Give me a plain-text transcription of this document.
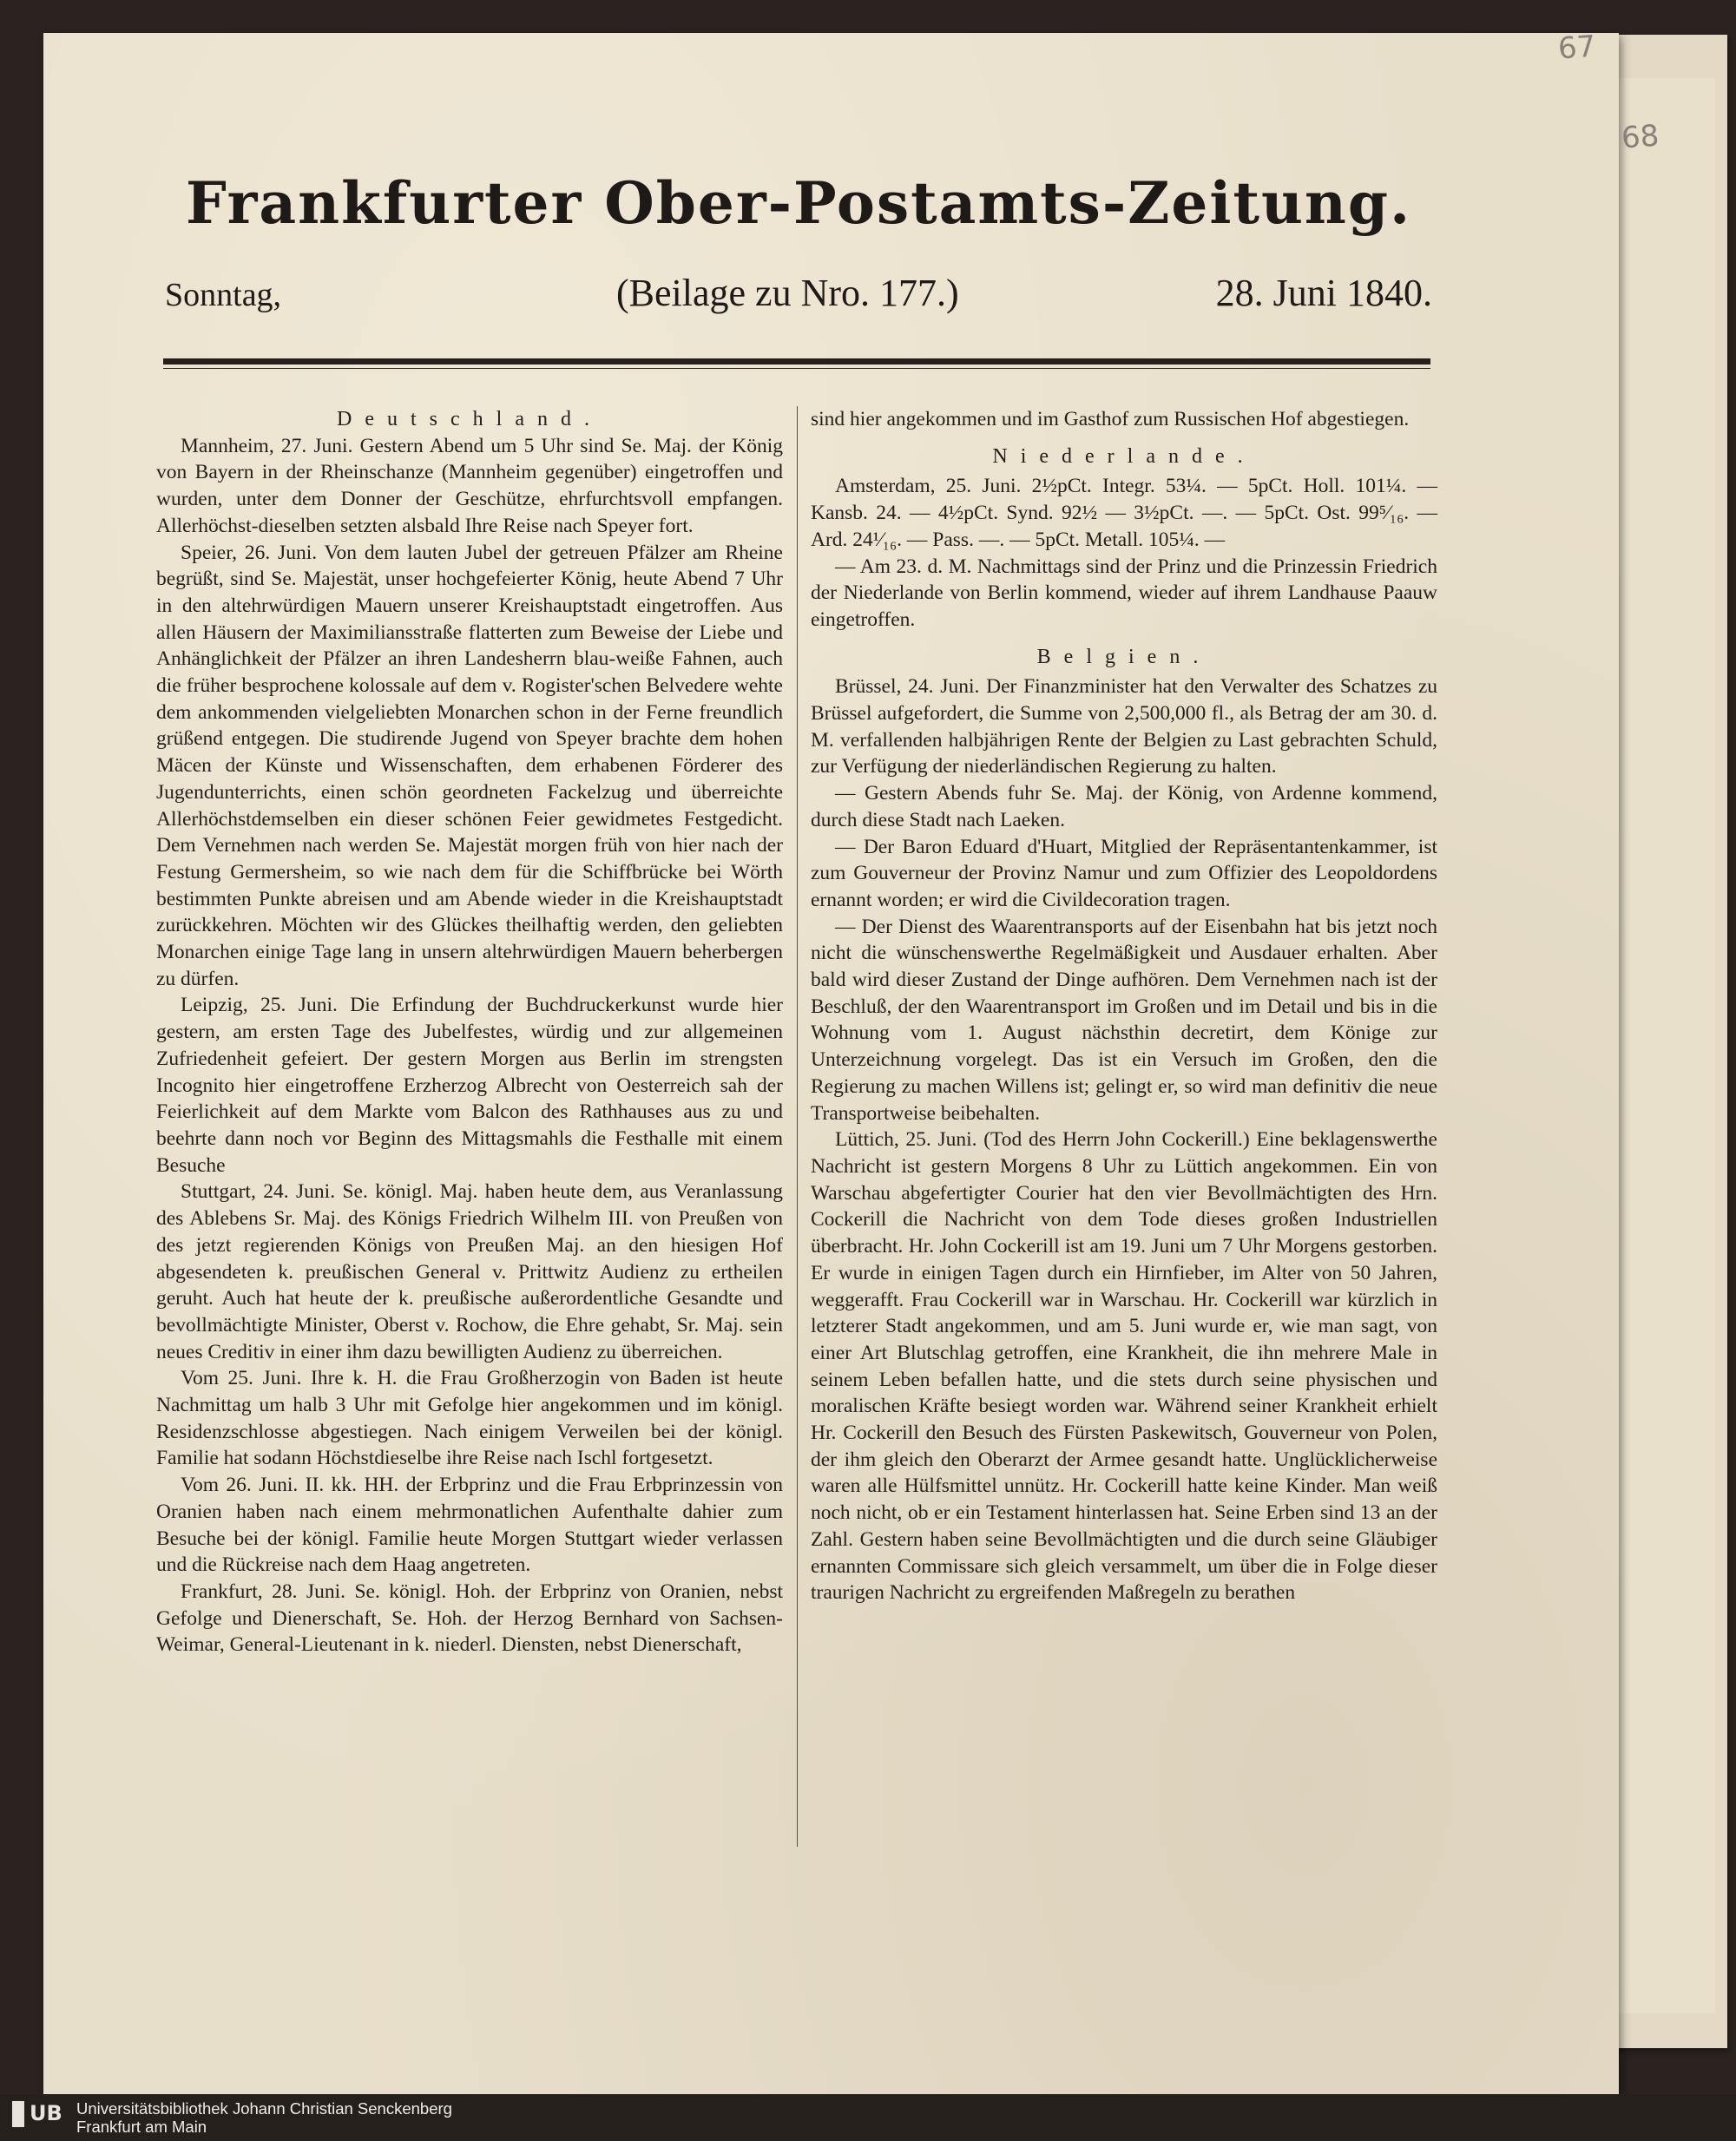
67
68
Frankfurter Ober-Postamts-Zeitung.
Sonntag,	(Beilage zu Nro. 177.)	28. Juni 1840.

Deutschland.

Mannheim, 27. Juni. Gestern Abend um 5 Uhr sind Se. Maj. der König von Bayern in der Rheinschanze (Mannheim gegenüber) eingetroffen und wurden, unter dem Donner der Geschütze, ehrfurchtsvoll empfangen. Allerhöchst-dieselben setzten alsbald Ihre Reise nach Speyer fort.

Speier, 26. Juni. Von dem lauten Jubel der getreuen Pfälzer am Rheine begrüßt, sind Se. Majestät, unser hochgefeierter König, heute Abend 7 Uhr in den altehrwürdigen Mauern unserer Kreishauptstadt eingetroffen. Aus allen Häusern der Maximiliansstraße flatterten zum Beweise der Liebe und Anhänglichkeit der Pfälzer an ihren Landesherrn blau-weiße Fahnen, auch die früher besprochene kolossale auf dem v. Rogister'schen Belvedere wehte dem ankommenden vielgeliebten Monarchen schon in der Ferne freundlich grüßend entgegen. Die studirende Jugend von Speyer brachte dem hohen Mäcen der Künste und Wissenschaften, dem erhabenen Förderer des Jugendunterrichts, einen schön geordneten Fackelzug und überreichte Allerhöchstdemselben ein dieser schönen Feier gewidmetes Festgedicht. Dem Vernehmen nach werden Se. Majestät morgen früh von hier nach der Festung Germersheim, so wie nach dem für die Schiffbrücke bei Wörth bestimmten Punkte abreisen und am Abende wieder in die Kreishauptstadt zurückkehren. Möchten wir des Glückes theilhaftig werden, den geliebten Monarchen einige Tage lang in unsern altehrwürdigen Mauern beherbergen zu dürfen.

Leipzig, 25. Juni. Die Erfindung der Buchdruckerkunst wurde hier gestern, am ersten Tage des Jubelfestes, würdig und zur allgemeinen Zufriedenheit gefeiert. Der gestern Morgen aus Berlin im strengsten Incognito hier eingetroffene Erzherzog Albrecht von Oesterreich sah der Feierlichkeit auf dem Markte vom Balcon des Rathhauses aus zu und beehrte dann noch vor Beginn des Mittagsmahls die Festhalle mit einem Besuche

Stuttgart, 24. Juni. Se. königl. Maj. haben heute dem, aus Veranlassung des Ablebens Sr. Maj. des Königs Friedrich Wilhelm III. von Preußen von des jetzt regierenden Königs von Preußen Maj. an den hiesigen Hof abgesendeten k. preußischen General v. Prittwitz Audienz zu ertheilen geruht. Auch hat heute der k. preußische außerordentliche Gesandte und bevollmächtigte Minister, Oberst v. Rochow, die Ehre gehabt, Sr. Maj. sein neues Creditiv in einer ihm dazu bewilligten Audienz zu überreichen.

Vom 25. Juni. Ihre k. H. die Frau Großherzogin von Baden ist heute Nachmittag um halb 3 Uhr mit Gefolge hier angekommen und im königl. Residenzschlosse abgestiegen. Nach einigem Verweilen bei der königl. Familie hat sodann Höchstdieselbe ihre Reise nach Ischl fortgesetzt.

Vom 26. Juni. II. kk. HH. der Erbprinz und die Frau Erbprinzessin von Oranien haben nach einem mehrmonatlichen Aufenthalte dahier zum Besuche bei der königl. Familie heute Morgen Stuttgart wieder verlassen und die Rückreise nach dem Haag angetreten.

Frankfurt, 28. Juni. Se. königl. Hoh. der Erbprinz von Oranien, nebst Gefolge und Dienerschaft, Se. Hoh. der Herzog Bernhard von Sachsen-Weimar, General-Lieutenant in k. niederl. Diensten, nebst Dienerschaft,

sind hier angekommen und im Gasthof zum Russischen Hof abgestiegen.

Niederlande.

Amsterdam, 25. Juni. 2½pCt. Integr. 53¼. — 5pCt. Holl. 101¼. — Kansb. 24. — 4½pCt. Synd. 92½ — 3½pCt. —. — 5pCt. Ost. 99⁵⁄₁₆. — Ard. 24¹⁄₁₆. — Pass. —. — 5pCt. Metall. 105¼. —

— Am 23. d. M. Nachmittags sind der Prinz und die Prinzessin Friedrich der Niederlande von Berlin kommend, wieder auf ihrem Landhause Paauw eingetroffen.

Belgien.

Brüssel, 24. Juni. Der Finanzminister hat den Verwalter des Schatzes zu Brüssel aufgefordert, die Summe von 2,500,000 fl., als Betrag der am 30. d. M. verfallenden halbjährigen Rente der Belgien zu Last gebrachten Schuld, zur Verfügung der niederländischen Regierung zu halten.

— Gestern Abends fuhr Se. Maj. der König, von Ardenne kommend, durch diese Stadt nach Laeken.

— Der Baron Eduard d'Huart, Mitglied der Repräsentantenkammer, ist zum Gouverneur der Provinz Namur und zum Offizier des Leopoldordens ernannt worden; er wird die Civildecoration tragen.

— Der Dienst des Waarentransports auf der Eisenbahn hat bis jetzt noch nicht die wünschenswerthe Regelmäßigkeit und Ausdauer erhalten. Aber bald wird dieser Zustand der Dinge aufhören. Dem Vernehmen nach ist der Beschluß, der den Waarentransport im Großen und im Detail und bis in die Wohnung vom 1. August nächsthin decretirt, dem Könige zur Unterzeichnung vorgelegt. Das ist ein Versuch im Großen, den die Regierung zu machen Willens ist; gelingt er, so wird man definitiv die neue Transportweise beibehalten.

Lüttich, 25. Juni. (Tod des Herrn John Cockerill.) Eine beklagenswerthe Nachricht ist gestern Morgens 8 Uhr zu Lüttich angekommen. Ein von Warschau abgefertigter Courier hat den vier Bevollmächtigten des Hrn. Cockerill die Nachricht von dem Tode dieses großen Industriellen überbracht. Hr. John Cockerill ist am 19. Juni um 7 Uhr Morgens gestorben. Er wurde in einigen Tagen durch ein Hirnfieber, im Alter von 50 Jahren, weggerafft. Frau Cockerill war in Warschau. Hr. Cockerill war kürzlich in letzterer Stadt angekommen, und am 5. Juni wurde er, wie man sagt, von einer Art Blutschlag getroffen, eine Krankheit, die ihn mehrere Male in seinem Leben befallen hatte, und die stets durch seine physischen und moralischen Kräfte besiegt worden war. Während seiner Krankheit erhielt Hr. Cockerill den Besuch des Fürsten Paskewitsch, Gouverneur von Polen, der ihm gleich den Oberarzt der Armee gesandt hatte. Unglücklicherweise waren alle Hülfsmittel unnütz. Hr. Cockerill hatte keine Kinder. Man weiß noch nicht, ob er ein Testament hinterlassen hat. Seine Erben sind 13 an der Zahl. Gestern haben seine Bevollmächtigten und die durch seine Gläubiger ernannten Commissare sich gleich versammelt, um über die in Folge dieser traurigen Nachricht zu ergreifenden Maßregeln zu berathen

UB Universitätsbibliothek Johann Christian Senckenberg
Frankfurt am Main
